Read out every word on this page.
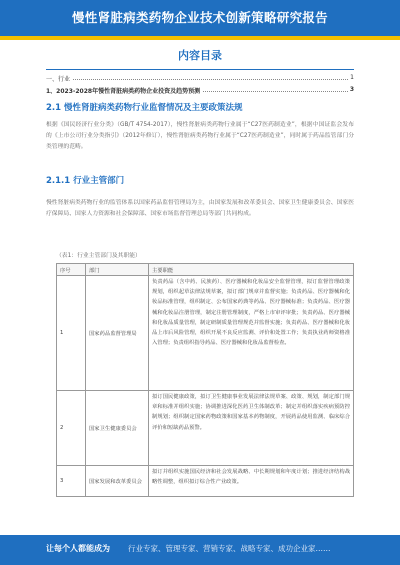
慢性肾脏病类药物企业技术创新策略研究报告
内容目录
一、行业	1
1、2023-2028年慢性肾脏病类药物企业投资及趋势预测	3
2.1 慢性肾脏病类药物行业监督情况及主要政策法规
根据《国民经济行业分类》（GB/T 4754-2017），慢性肾脏病类药物行业属于“C27医药制造业”，根据中国证监会发布的《上市公司行业分类指引》（2012年修订），慢性肾脏病类药物行业属于“C27医药制造业”，同时属于药品监管部门分类管理的范畴。
2.1.1 行业主管部门
慢性肾脏病类药物行业的监管体系以国家药品监督管理局为主，由国家发展和改革委员会、国家卫生健康委员会、国家医疗保障局、国家人力资源和社会保障部、国家市场监督管理总局等部门共同构成。
（表1：行业主管部门及其职能）
序号	部门	主要职能
1	国家药品监督管理局	负责药品（含中药、民族药）、医疗器械和化妆品安全监督管理，拟订监督管理政策规划，组织起草法律法规草案，拟订部门规章并监督实施；负责药品、医疗器械和化妆品标准管理，组织制定、公布国家药典等药品、医疗器械标准；负责药品、医疗器械和化妆品注册管理，制定注册管理制度，严格上市审评审批；负责药品、医疗器械和化妆品质量管理，制定研制质量管理规范并监督实施；负责药品、医疗器械和化妆品上市后风险管理，组织开展不良反应监测、评价和处置工作；负责执业药师资格准入管理；负责组织指导药品、医疗器械和化妆品监督检查。

2	国家卫生健康委员会	拟订国民健康政策，拟订卫生健康事业发展法律法规草案、政策、规划，制定部门规章和标准并组织实施；协调推进深化医药卫生体制改革；制定并组织落实疾病预防控制规划；组织制定国家药物政策和国家基本药物制度，开展药品使用监测、临床综合评价和短缺药品预警。

3	国家发展和改革委员会	拟订并组织实施国民经济和社会发展战略、中长期规划和年度计划；推进经济结构战略性调整，组织拟订综合性产业政策。
让每个人都能成为 行业专家、管理专家、营销专家、战略专家、成功企业家……
